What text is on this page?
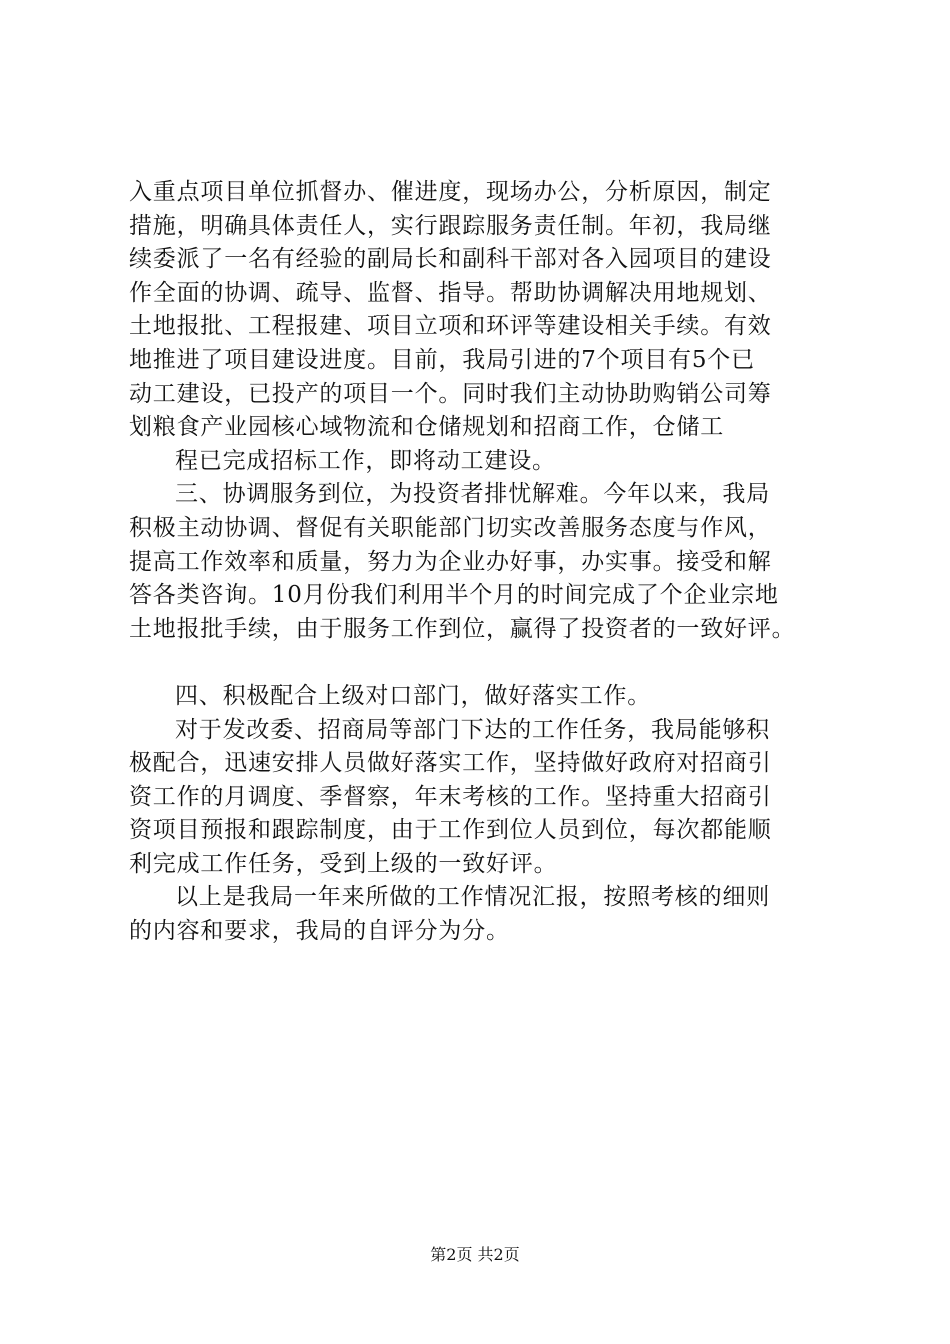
入重点项目单位抓督办、催进度，现场办公，分析原因，制定
措施，明确具体责任人，实行跟踪服务责任制。年初，我局继
续委派了一名有经验的副局长和副科干部对各入园项目的建设
作全面的协调、疏导、监督、指导。帮助协调解决用地规划、
土地报批、工程报建、项目立项和环评等建设相关手续。有效
地推进了项目建设进度。目前，我局引进的7个项目有5个已
动工建设，已投产的项目一个。同时我们主动协助购销公司筹
划粮食产业园核心域物流和仓储规划和招商工作，仓储工
程已完成招标工作，即将动工建设。
三、协调服务到位，为投资者排忧解难。今年以来，我局
积极主动协调、督促有关职能部门切实改善服务态度与作风，
提高工作效率和质量，努力为企业办好事，办实事。接受和解
答各类咨询。10月份我们利用半个月的时间完成了个企业宗地
土地报批手续，由于服务工作到位，赢得了投资者的一致好评。
四、积极配合上级对口部门，做好落实工作。
对于发改委、招商局等部门下达的工作任务，我局能够积
极配合，迅速安排人员做好落实工作，坚持做好政府对招商引
资工作的月调度、季督察，年末考核的工作。坚持重大招商引
资项目预报和跟踪制度，由于工作到位人员到位，每次都能顺
利完成工作任务，受到上级的一致好评。
以上是我局一年来所做的工作情况汇报，按照考核的细则
的内容和要求，我局的自评分为分。
第2页 共2页
